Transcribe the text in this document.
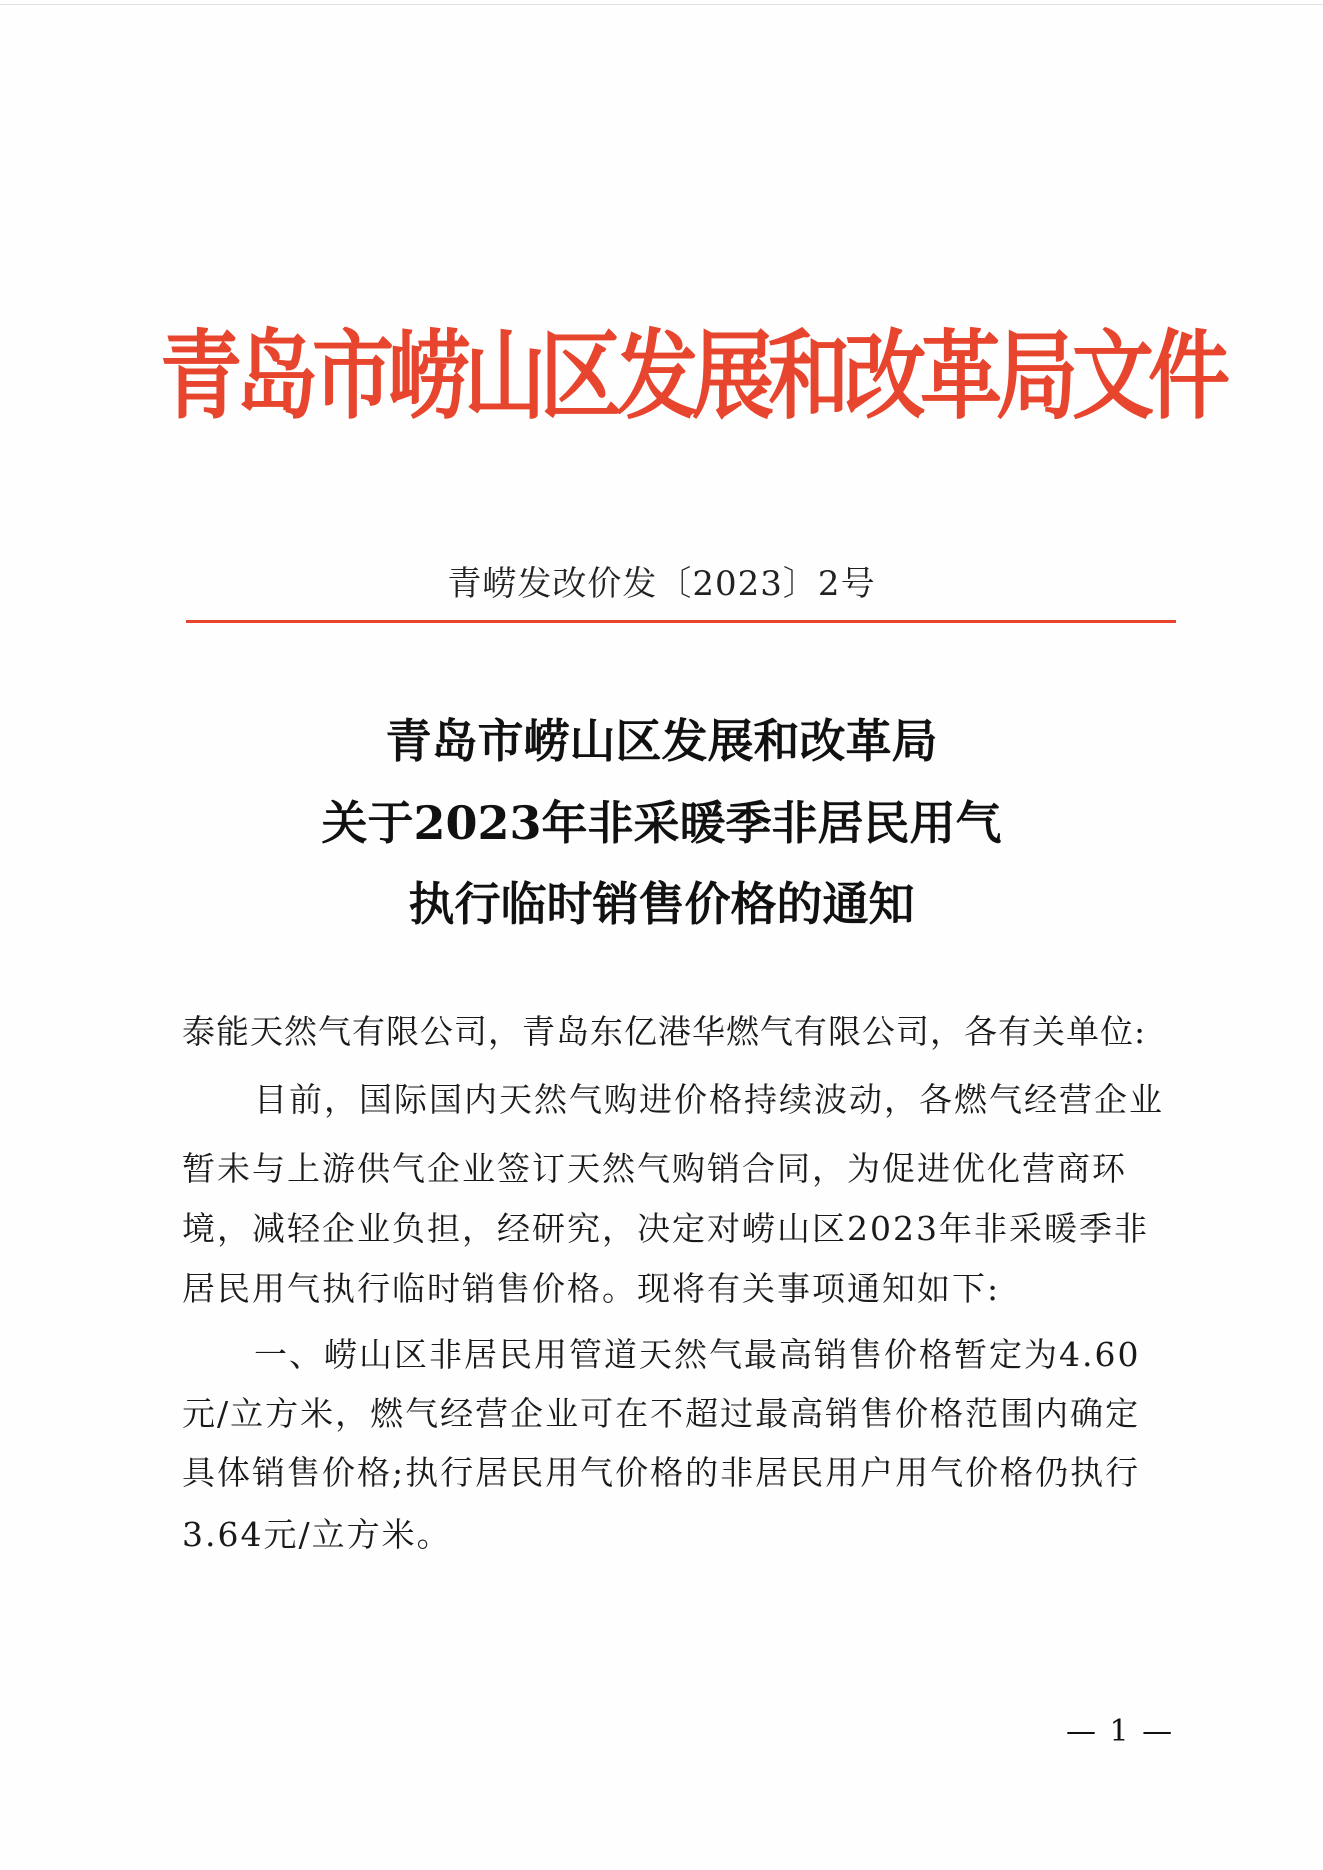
青岛市崂山区发展和改革局文件
青崂发改价发〔2023〕2号
青岛市崂山区发展和改革局
关于2023年非采暖季非居民用气
执行临时销售价格的通知
泰能天然气有限公司，青岛东亿港华燃气有限公司，各有关单位:
目前，国际国内天然气购进价格持续波动，各燃气经营企业
暂未与上游供气企业签订天然气购销合同，为促进优化营商环
境，减轻企业负担，经研究，决定对崂山区2023年非采暖季非
居民用气执行临时销售价格。现将有关事项通知如下:
一、崂山区非居民用管道天然气最高销售价格暂定为4.60
元/立方米，燃气经营企业可在不超过最高销售价格范围内确定
具体销售价格;执行居民用气价格的非居民用户用气价格仍执行
3.64元/立方米。
— 1 —
